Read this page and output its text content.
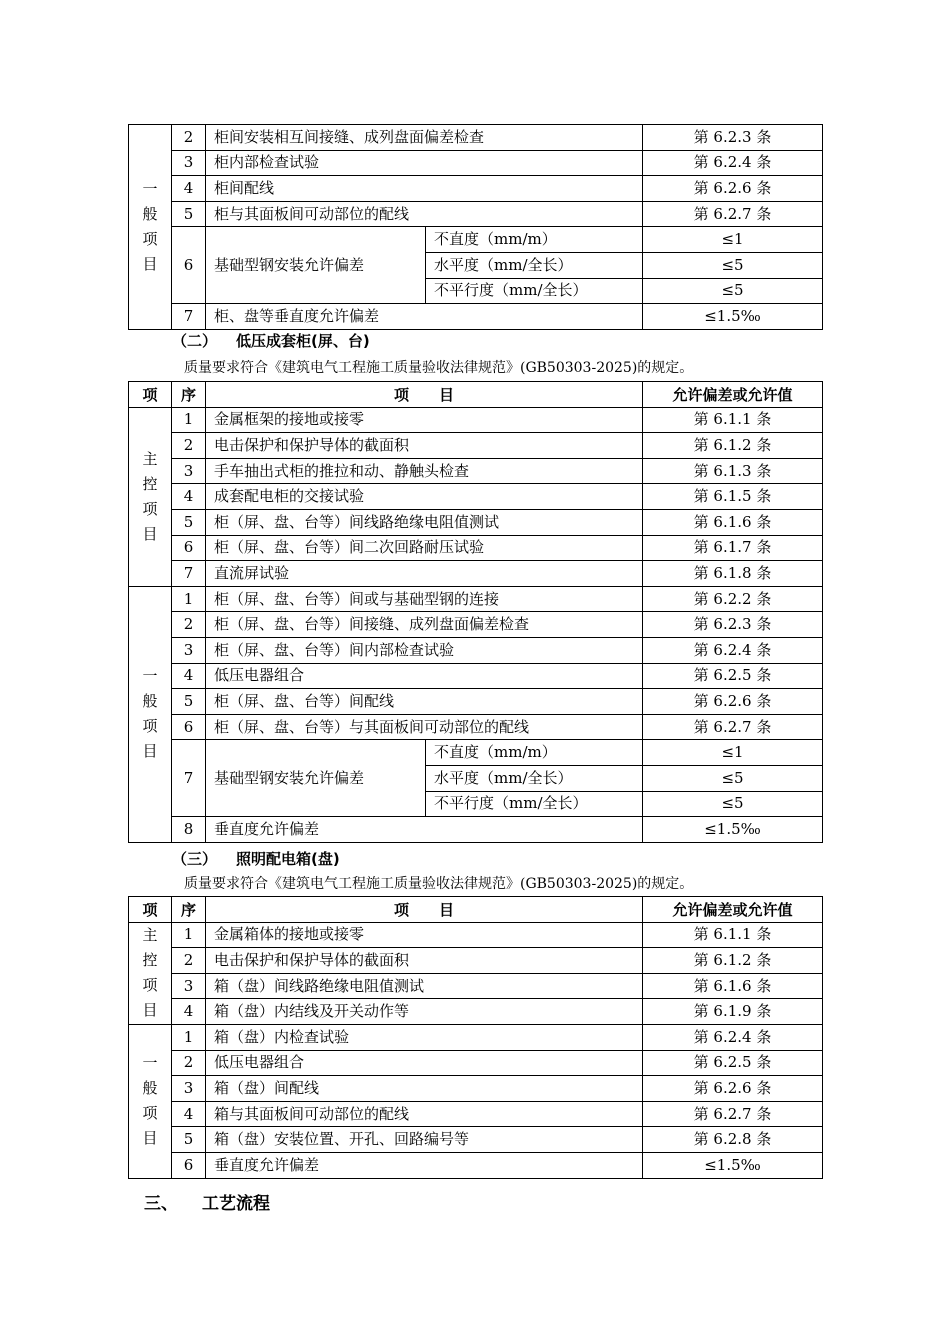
一
般
项
目	2	柜间安装相互间接缝、成列盘面偏差检查		第 6.2.3 条
	3	柜内部检查试验		第 6.2.4 条
	4	柜间配线		第 6.2.6 条
	5	柜与其面板间可动部位的配线		第 6.2.7 条
	6	基础型钢安装允许偏差	不直度（mm/m）	≤1
			水平度（mm/全长）	≤5
			不平行度（mm/全长）	≤5
	7	柜、盘等垂直度允许偏差		≤1.5‰
（二） 低压成套柜(屏、台)
质量要求符合《建筑电气工程施工质量验收法律规范》(GB50303-2025)的规定。
项	序	项　　目		允许偏差或允许值

主
控
项
目	1	金属框架的接地或接零		第 6.1.1 条
	2	电击保护和保护导体的截面积		第 6.1.2 条
	3	手车抽出式柜的推拉和动、静触头检查		第 6.1.3 条
	4	成套配电柜的交接试验		第 6.1.5 条
	5	柜（屏、盘、台等）间线路绝缘电阻值测试		第 6.1.6 条
	6	柜（屏、盘、台等）间二次回路耐压试验		第 6.1.7 条
	7	直流屏试验		第 6.1.8 条

一
般
项
目	1	柜（屏、盘、台等）间或与基础型钢的连接		第 6.2.2 条
	2	柜（屏、盘、台等）间接缝、成列盘面偏差检查		第 6.2.3 条
	3	柜（屏、盘、台等）间内部检查试验		第 6.2.4 条
	4	低压电器组合		第 6.2.5 条
	5	柜（屏、盘、台等）间配线		第 6.2.6 条
	6	柜（屏、盘、台等）与其面板间可动部位的配线		第 6.2.7 条
	7	基础型钢安装允许偏差	不直度（mm/m）	≤1
			水平度（mm/全长）	≤5
			不平行度（mm/全长）	≤5
	8	垂直度允许偏差		≤1.5‰
（三） 照明配电箱(盘)
质量要求符合《建筑电气工程施工质量验收法律规范》(GB50303-2025)的规定。
项	序	项　　目	允许偏差或允许值

主
控
项
目	1	金属箱体的接地或接零	第 6.1.1 条
	2	电击保护和保护导体的截面积	第 6.1.2 条
	3	箱（盘）间线路绝缘电阻值测试	第 6.1.6 条
	4	箱（盘）内结线及开关动作等	第 6.1.9 条

一
般
项
目	1	箱（盘）内检查试验	第 6.2.4 条
	2	低压电器组合	第 6.2.5 条
	3	箱（盘）间配线	第 6.2.6 条
	4	箱与其面板间可动部位的配线	第 6.2.7 条
	5	箱（盘）安装位置、开孔、回路编号等	第 6.2.8 条
	6	垂直度允许偏差	≤1.5‰
三、 工艺流程
